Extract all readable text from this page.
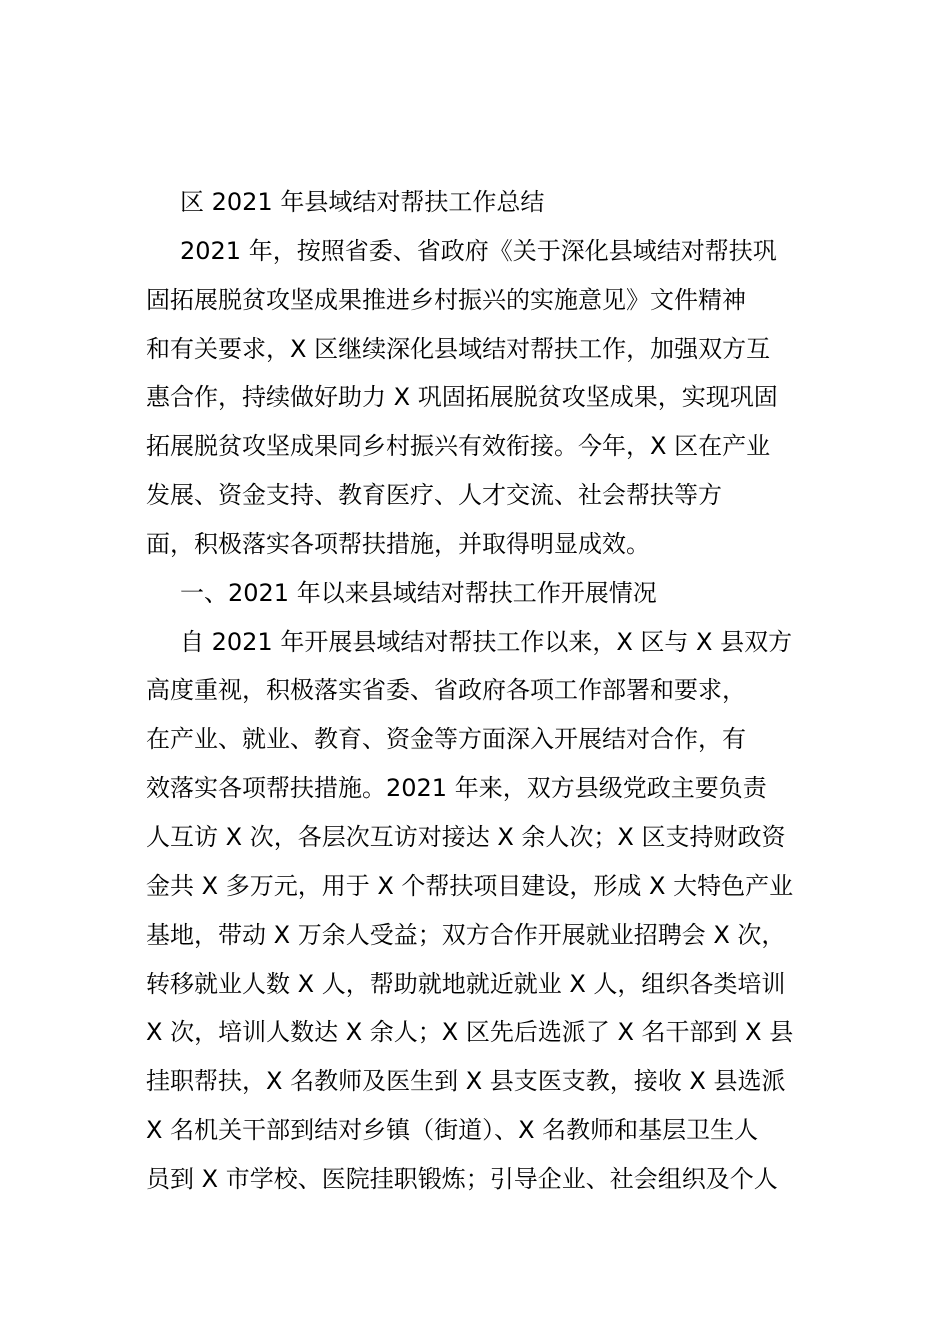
区 2021 年县域结对帮扶工作总结
2021 年，按照省委、省政府《关于深化县域结对帮扶巩
固拓展脱贫攻坚成果推进乡村振兴的实施意见》文件精神
和有关要求，X 区继续深化县域结对帮扶工作，加强双方互
惠合作，持续做好助力 X 巩固拓展脱贫攻坚成果，实现巩固
拓展脱贫攻坚成果同乡村振兴有效衔接。今年，X 区在产业
发展、资金支持、教育医疗、人才交流、社会帮扶等方
面，积极落实各项帮扶措施，并取得明显成效。
一、2021 年以来县域结对帮扶工作开展情况
自 2021 年开展县域结对帮扶工作以来，X 区与 X 县双方
高度重视，积极落实省委、省政府各项工作部署和要求，
在产业、就业、教育、资金等方面深入开展结对合作，有
效落实各项帮扶措施。2021 年来，双方县级党政主要负责
人互访 X 次，各层次互访对接达 X 余人次；X 区支持财政资
金共 X 多万元，用于 X 个帮扶项目建设，形成 X 大特色产业
基地，带动 X 万余人受益；双方合作开展就业招聘会 X 次，
转移就业人数 X 人，帮助就地就近就业 X 人，组织各类培训
X 次，培训人数达 X 余人；X 区先后选派了 X 名干部到 X 县
挂职帮扶，X 名教师及医生到 X 县支医支教，接收 X 县选派
X 名机关干部到结对乡镇（街道）、X 名教师和基层卫生人
员到 X 市学校、医院挂职锻炼；引导企业、社会组织及个人
